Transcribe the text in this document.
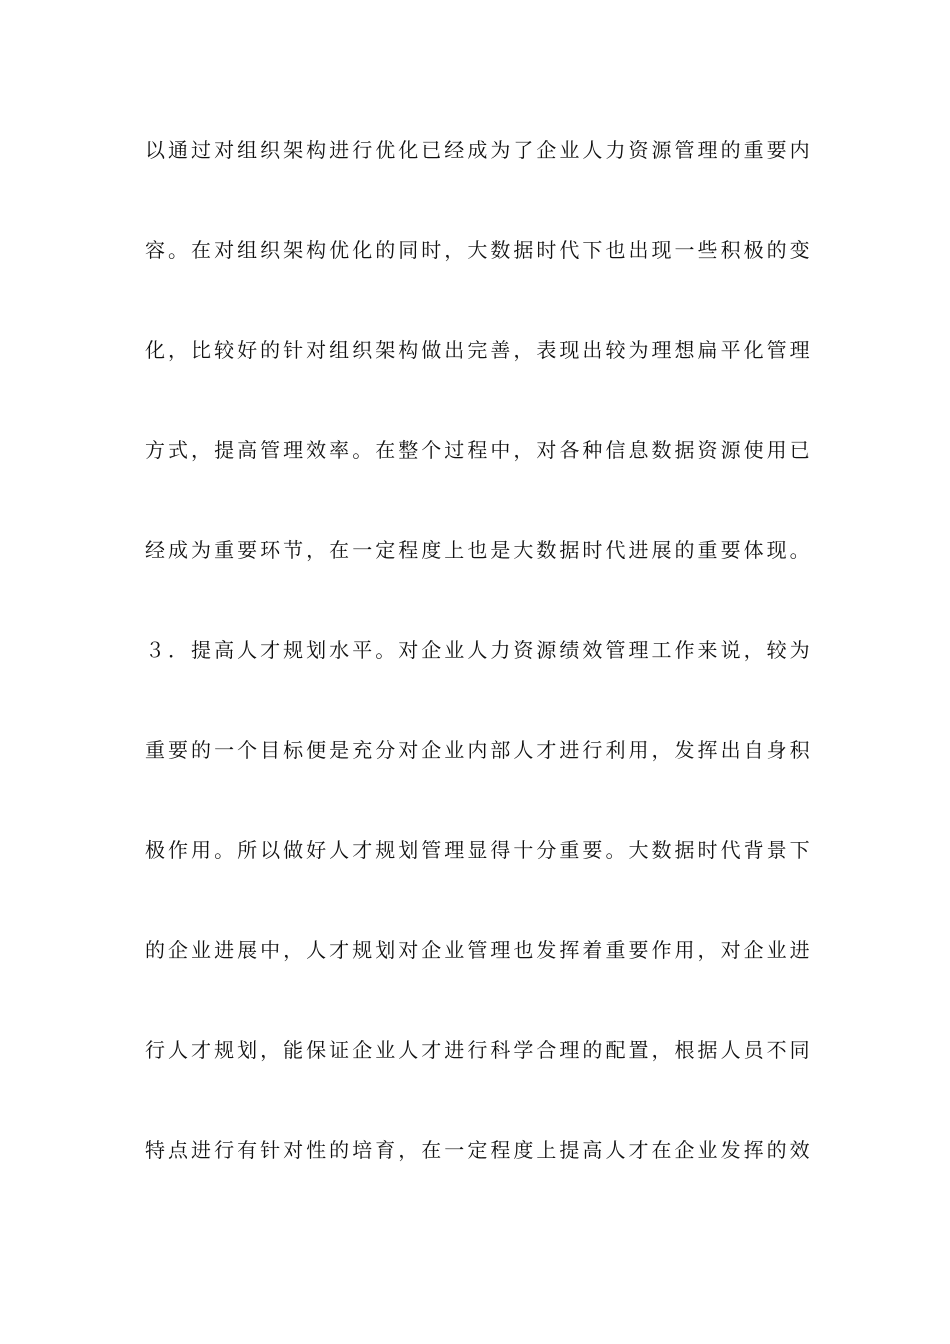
以通过对组织架构进行优化已经成为了企业人力资源管理的重要内
容。在对组织架构优化的同时，大数据时代下也出现一些积极的变
化，比较好的针对组织架构做出完善，表现出较为理想扁平化管理
方式，提高管理效率。在整个过程中，对各种信息数据资源使用已
经成为重要环节，在一定程度上也是大数据时代进展的重要体现。
３．提高人才规划水平。对企业人力资源绩效管理工作来说，较为
重要的一个目标便是充分对企业内部人才进行利用，发挥出自身积
极作用。所以做好人才规划管理显得十分重要。大数据时代背景下
的企业进展中，人才规划对企业管理也发挥着重要作用，对企业进
行人才规划，能保证企业人才进行科学合理的配置，根据人员不同
特点进行有针对性的培育，在一定程度上提高人才在企业发挥的效
